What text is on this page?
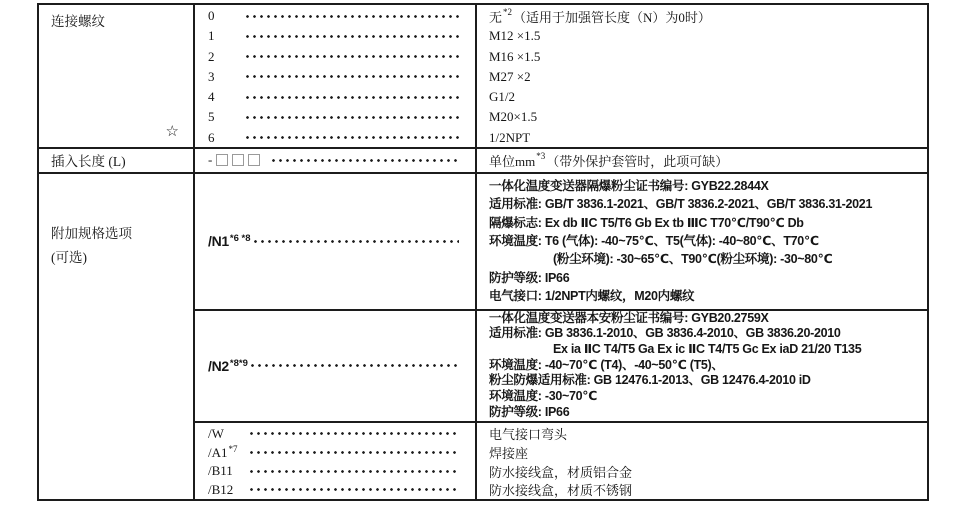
连接螺纹
☆
0
1
2
3
4
5
6
无 *2 （适用于加强管长度（N）为0时）
M12 ×1.5
M16 ×1.5
M27 ×2
G1/2
M20×1.5
1/2NPT
插入长度 (L)	-	单位mm *3 （带外保护套管时，此项可缺）
附加规格选项
(可选)
$/N1^{*6 *8}$
一体化温度变送器隔爆粉尘证书编号: GYB22.2844X
适用标准: GB/T 3836.1-2021、GB/T 3836.2-2021、GB/T 3836.31-2021
隔爆标志: Ex db ⅡC T5/T6 Gb Ex tb ⅢC T70℃/T90℃ Db
环境温度: T6 (气体): -40~75℃、T5(气体): -40~80℃、T70℃
(粉尘环境): -30~65℃、T90℃(粉尘环境): -30~80℃
防护等级: IP66
电气接口: 1/2NPT内螺纹，M20内螺纹
$/N2^{*8*9}$
一体化温度变送器本安粉尘证书编号: GYB20.2759X
适用标准: GB 3836.1-2010、GB 3836.4-2010、GB 3836.20-2010
Ex ia ⅡC T4/T5 Ga Ex ic ⅡC T4/T5 Gc Ex iaD 21/20 T135
环境温度: -40~70℃ (T4)、-40~50℃ (T5)、
粉尘防爆适用标准: GB 12476.1-2013、GB 12476.4-2010 iD
环境温度: -30~70℃
防护等级: IP66
/W
/A1$^{*7}$
/B11
/B12
电气接口弯头
焊接座
防水接线盒，材质铝合金
防水接线盒，材质不锈钢
